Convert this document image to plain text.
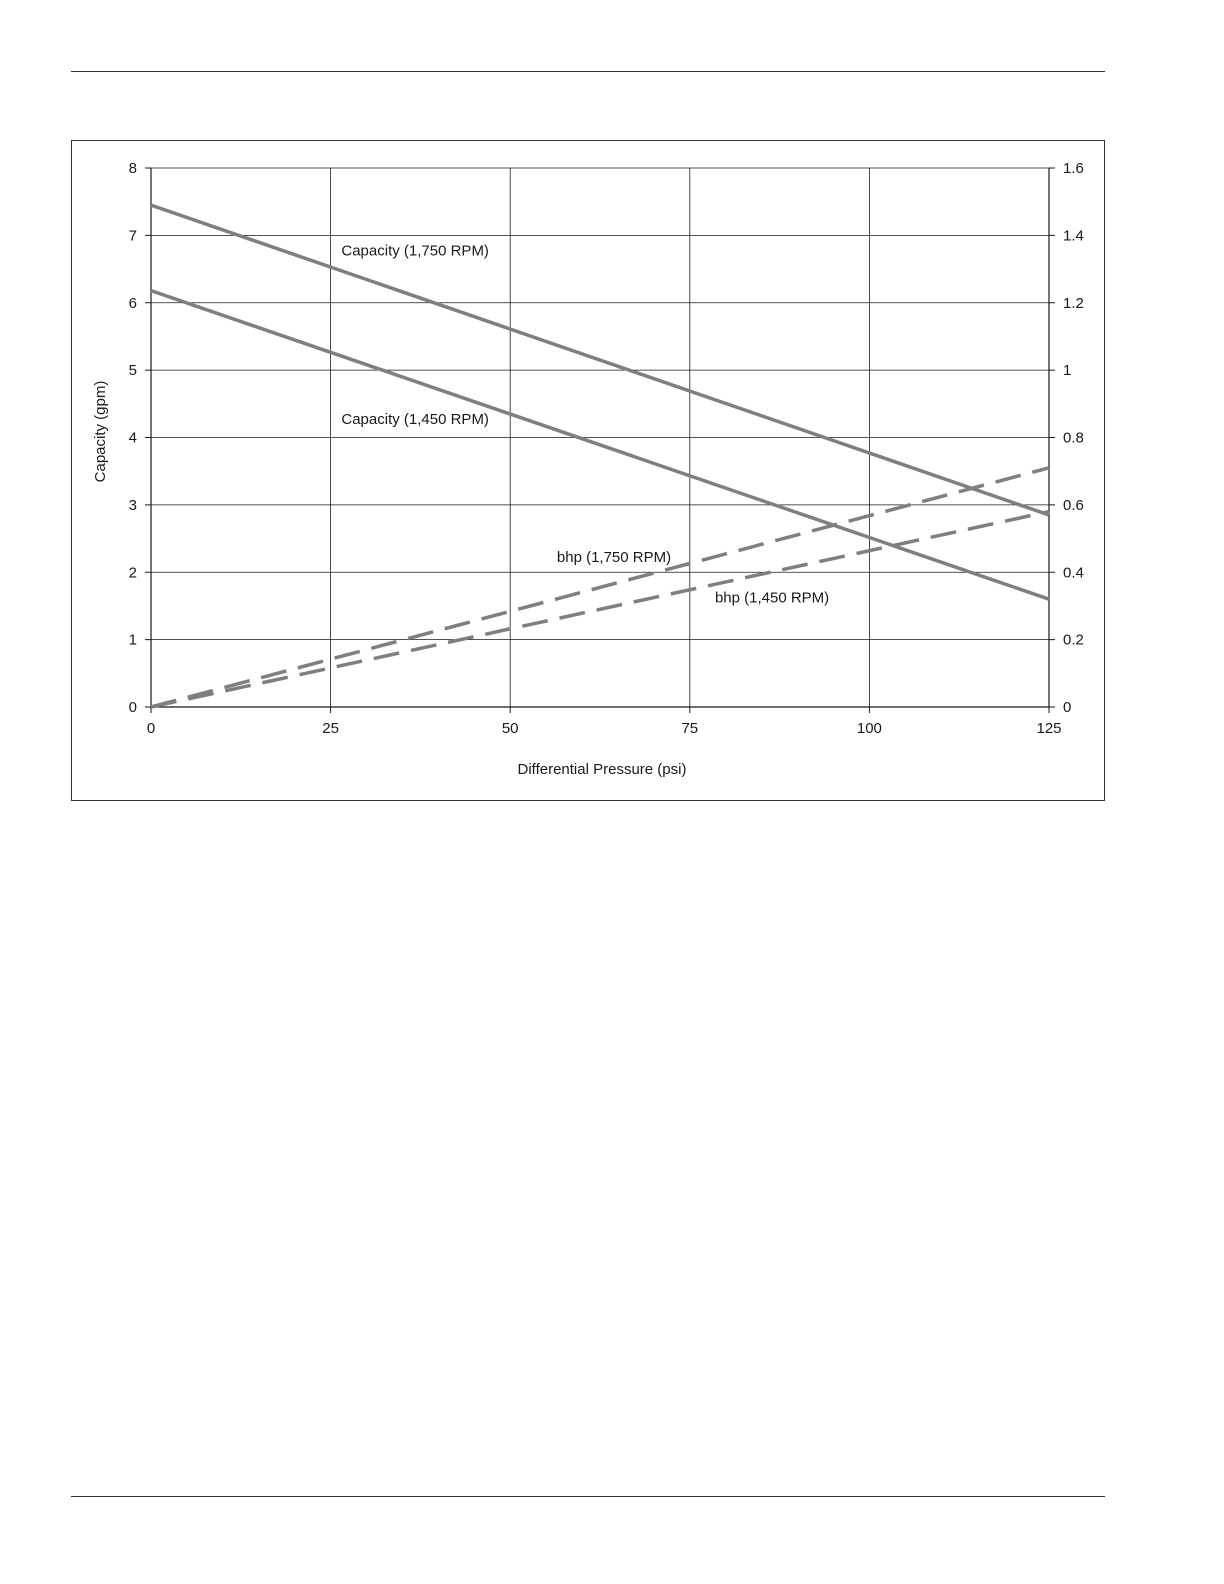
0
1
2
3
4
5
6
7
8
0
0.2
0.4
0.6
0.8
1
1.2
1.4
1.6
0	25	50	75	100	125
Capacity (1,750 RPM)
Capacity (1,450 RPM)
bhp (1,750 RPM)
bhp (1,450 RPM)
Differential Pressure (psi)
Capacity (gpm)
